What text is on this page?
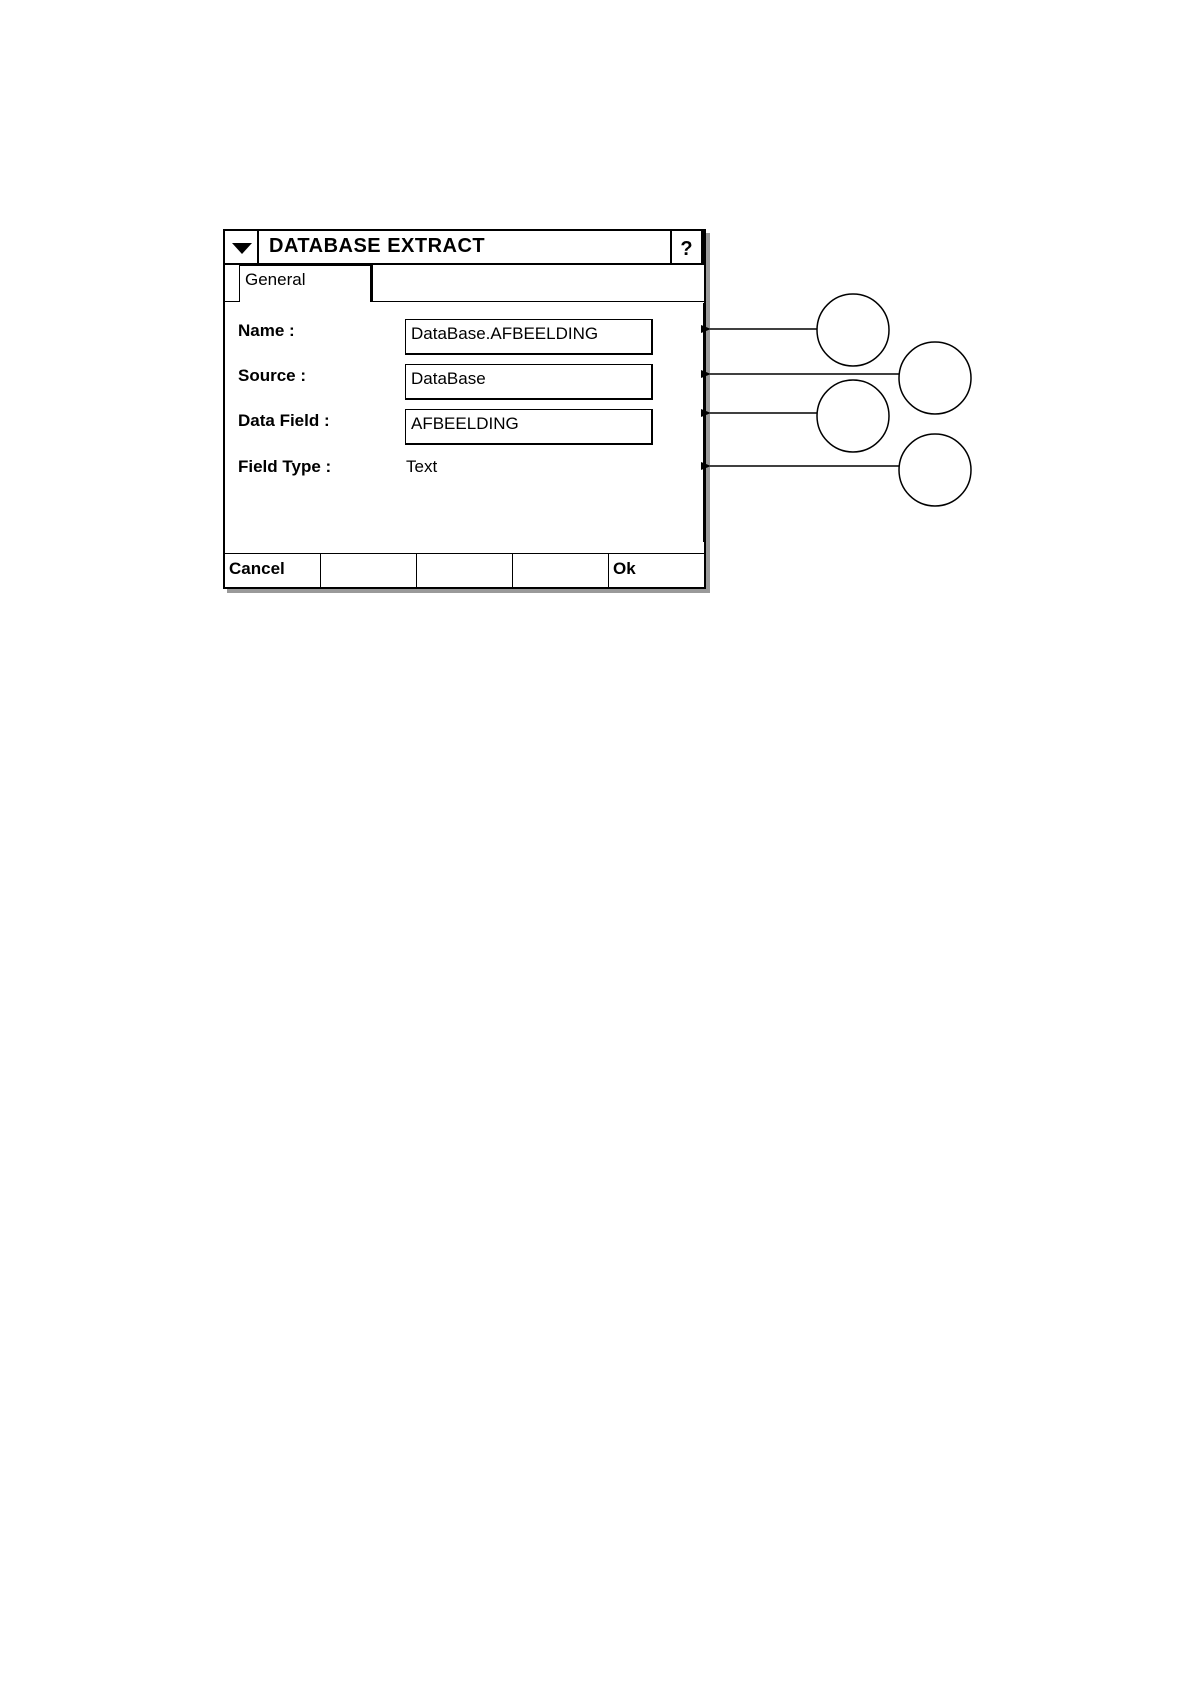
DATABASE EXTRACT	?
General
Name :	DataBase.AFBEELDING
Source :	DataBase
Data Field :	AFBEELDING
Field Type :	Text
Cancel	Ok
